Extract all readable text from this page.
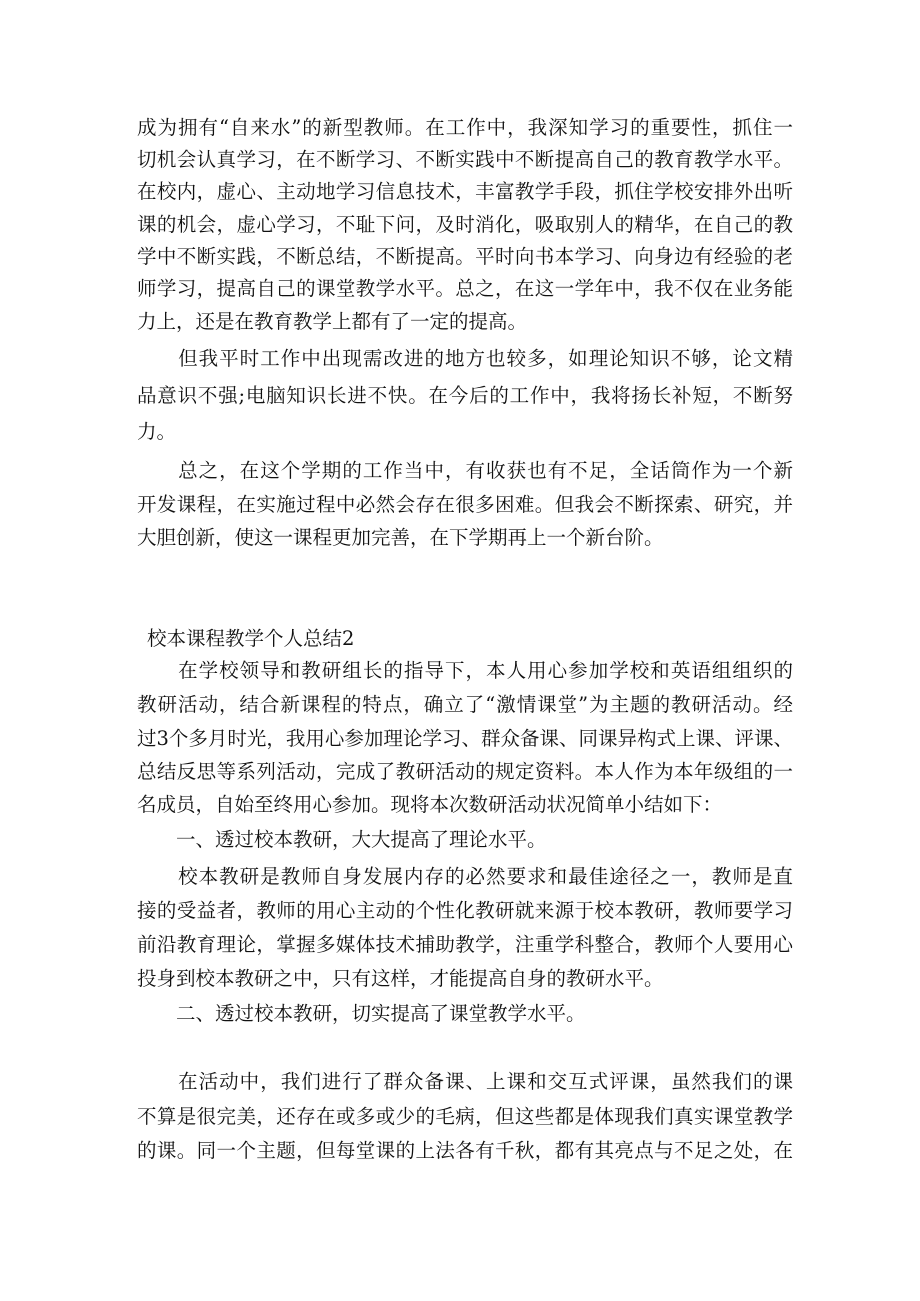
成为拥有“自来水”的新型教师。在工作中，我深知学习的重要性，抓住一

切机会认真学习，在不断学习、不断实践中不断提高自己的教育教学水平。

在校内，虚心、主动地学习信息技术，丰富教学手段，抓住学校安排外出听

课的机会，虚心学习，不耻下问，及时消化，吸取别人的精华，在自己的教

学中不断实践，不断总结，不断提高。平时向书本学习、向身边有经验的老

师学习，提高自己的课堂教学水平。总之，在这一学年中，我不仅在业务能

力上，还是在教育教学上都有了一定的提高。

　　但我平时工作中出现需改进的地方也较多，如理论知识不够，论文精

品意识不强;电脑知识长进不快。在今后的工作中，我将扬长补短，不断努

力。

　　总之，在这个学期的工作当中，有收获也有不足，全话筒作为一个新

开发课程，在实施过程中必然会存在很多困难。但我会不断探索、研究，并

大胆创新，使这一课程更加完善，在下学期再上一个新台阶。

校本课程教学个人总结2

　　在学校领导和教研组长的指导下，本人用心参加学校和英语组组织的

教研活动，结合新课程的特点，确立了“激情课堂”为主题的教研活动。经

过3个多月时光，我用心参加理论学习、群众备课、同课异构式上课、评课、

总结反思等系列活动，完成了教研活动的规定资料。本人作为本年级组的一

名成员，自始至终用心参加。现将本次数研活动状况简单小结如下：

　　一、透过校本教研，大大提高了理论水平。

　　校本教研是教师自身发展内存的必然要求和最佳途径之一，教师是直

接的受益者，教师的用心主动的个性化教研就来源于校本教研，教师要学习

前沿教育理论，掌握多媒体技术捕助教学，注重学科整合，教师个人要用心

投身到校本教研之中，只有这样，才能提高自身的教研水平。

　　二、透过校本教研，切实提高了课堂教学水平。

　　在活动中，我们进行了群众备课、上课和交互式评课，虽然我们的课

不算是很完美，还存在或多或少的毛病，但这些都是体现我们真实课堂教学

的课。同一个主题，但每堂课的上法各有千秋，都有其亮点与不足之处，在
